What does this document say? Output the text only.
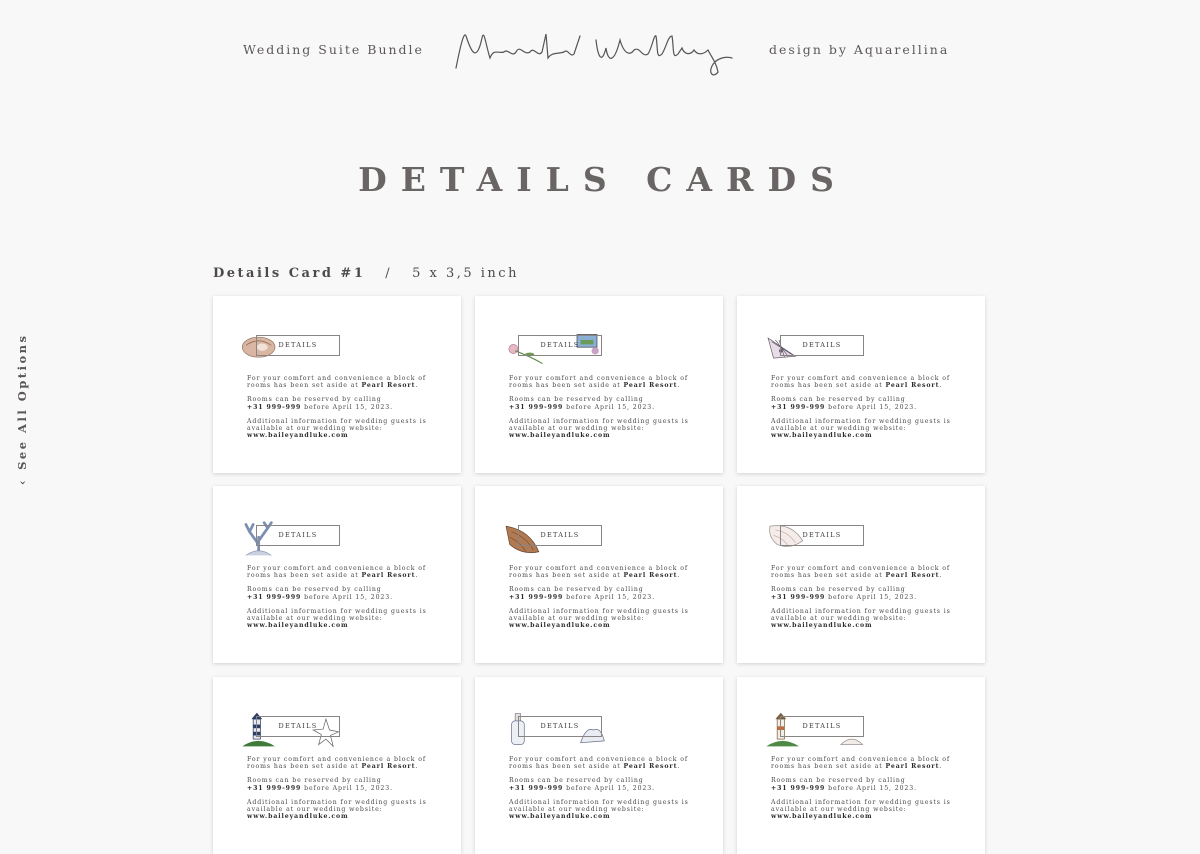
Wedding Suite Bundle
Nautical Wedding
design by Aquarellina
DETAILS CARDS
Details Card #1 / 5 x 3,5 inch
‹See All Options	DETAILS

For your comfort and convenience a block of rooms has been set aside at Pearl Resort.

Rooms can be reserved by calling
+31 999-999 before April 15, 2023.

Additional information for wedding guests is available at our wedding website:
www.baileyandluke.com

DETAILS

For your comfort and convenience a block of rooms has been set aside at Pearl Resort.

Rooms can be reserved by calling
+31 999-999 before April 15, 2023.

Additional information for wedding guests is available at our wedding website:
www.baileyandluke.com

DETAILS

For your comfort and convenience a block of rooms has been set aside at Pearl Resort.

Rooms can be reserved by calling
+31 999-999 before April 15, 2023.

Additional information for wedding guests is available at our wedding website:
www.baileyandluke.com

DETAILS

For your comfort and convenience a block of rooms has been set aside at Pearl Resort.

Rooms can be reserved by calling
+31 999-999 before April 15, 2023.

Additional information for wedding guests is available at our wedding website:
www.baileyandluke.com

DETAILS

For your comfort and convenience a block of rooms has been set aside at Pearl Resort.

Rooms can be reserved by calling
+31 999-999 before April 15, 2023.

Additional information for wedding guests is available at our wedding website:
www.baileyandluke.com

DETAILS

For your comfort and convenience a block of rooms has been set aside at Pearl Resort.

Rooms can be reserved by calling
+31 999-999 before April 15, 2023.

Additional information for wedding guests is available at our wedding website:
www.baileyandluke.com

DETAILS

For your comfort and convenience a block of rooms has been set aside at Pearl Resort.

Rooms can be reserved by calling
+31 999-999 before April 15, 2023.

Additional information for wedding guests is available at our wedding website:
www.baileyandluke.com

DETAILS

For your comfort and convenience a block of rooms has been set aside at Pearl Resort.

Rooms can be reserved by calling
+31 999-999 before April 15, 2023.

Additional information for wedding guests is available at our wedding website:
www.baileyandluke.com

DETAILS

For your comfort and convenience a block of rooms has been set aside at Pearl Resort.

Rooms can be reserved by calling
+31 999-999 before April 15, 2023.

Additional information for wedding guests is available at our wedding website:
www.baileyandluke.com
